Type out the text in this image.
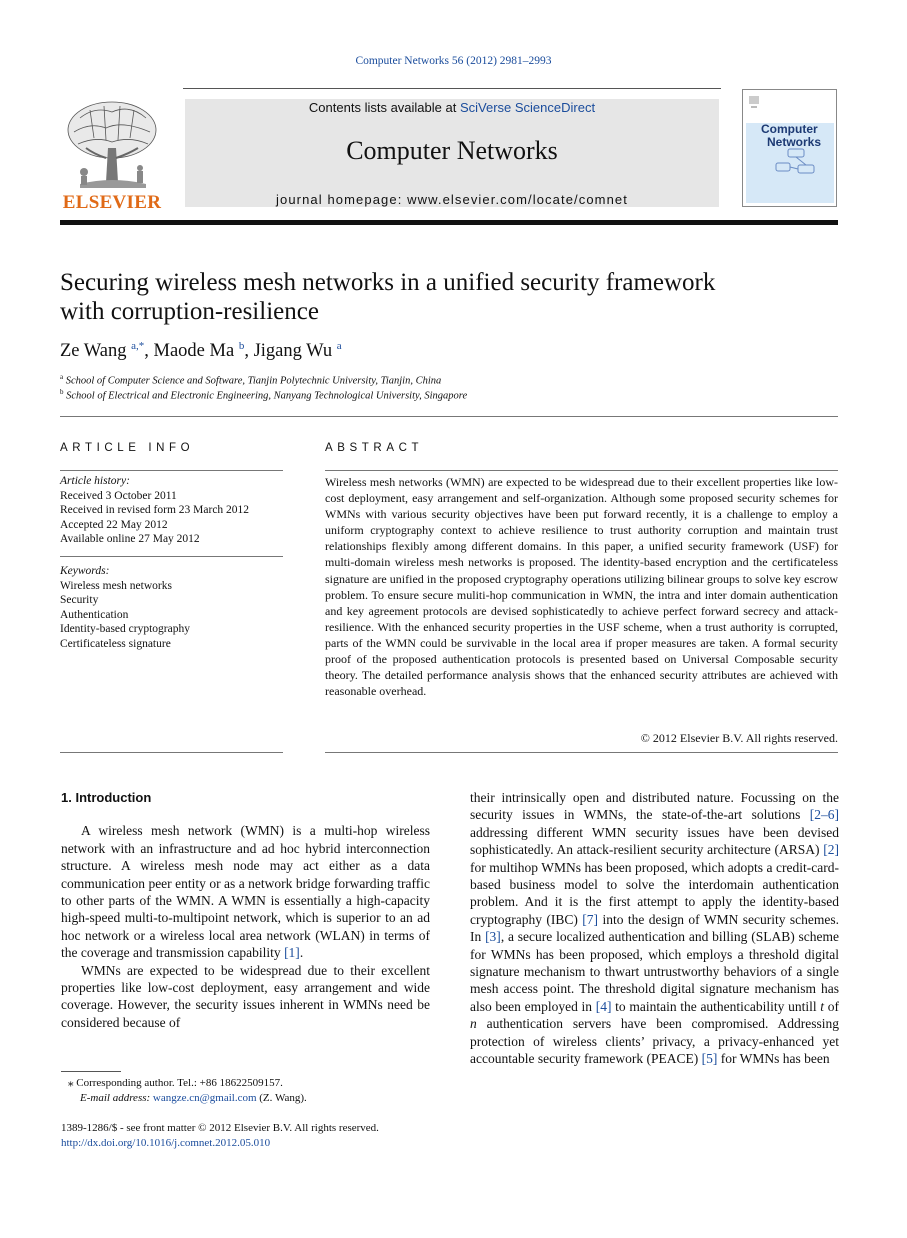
Computer Networks 56 (2012) 2981–2993
Contents lists available at SciVerse ScienceDirect
Computer Networks
journal homepage: www.elsevier.com/locate/comnet
ELSEVIER
Computer
Networks
Securing wireless mesh networks in a unified security framework
with corruption-resilience
Ze Wang $^{a,*}$, Maode Ma $^b$, Jigang Wu $^a$
$^a$ School of Computer Science and Software, Tianjin Polytechnic University, Tianjin, China
$^b$ School of Electrical and Electronic Engineering, Nanyang Technological University, Singapore
ARTICLE INFO
Article history:
Received 3 October 2011
Received in revised form 23 March 2012
Accepted 22 May 2012
Available online 27 May 2012
Keywords:
Wireless mesh networks
Security
Authentication
Identity-based cryptography
Certificateless signature
ABSTRACT
Wireless mesh networks (WMN) are expected to be widespread due to their excellent properties like low-cost deployment, easy arrangement and self-organization. Although some proposed security schemes for WMNs with various security objectives have been put forward recently, it is a challenge to employ a uniform cryptography context to achieve resilience to trust authority corruption and maintain trust relationships flexibly among different domains. In this paper, a unified security framework (USF) for multi-domain wireless mesh networks is proposed. The identity-based encryption and the certificateless signature are unified in the proposed cryptography operations utilizing bilinear groups to solve key escrow problem. To ensure secure muliti-hop communication in WMN, the intra and inter domain authentication and key agreement protocols are devised sophisticatedly to achieve perfect forward secrecy and attack-resilience. With the enhanced security properties in the USF scheme, when a trust authority is corrupted, parts of the WMN could be survivable in the local area if proper measures are taken. A formal security proof of the proposed authentication protocols is presented based on Universal Composable security theory. The detailed performance analysis shows that the enhanced security attributes are achieved with reasonable overhead.
© 2012 Elsevier B.V. All rights reserved.
1. Introduction

A wireless mesh network (WMN) is a multi-hop wireless network with an infrastructure and ad hoc hybrid interconnection structure. A wireless mesh node may act either as a data communication peer entity or as a network bridge forwarding traffic to other parts of the WMN. A WMN is essentially a high-capacity high-speed multi-to-multipoint network, which is superior to an ad hoc network or a wireless local area network (WLAN) in terms of the coverage and transmission capability [1].

WMNs are expected to be widespread due to their excellent properties like low-cost deployment, easy arrangement and wide coverage. However, the security issues inherent in WMNs need be considered because of

their intrinsically open and distributed nature. Focussing on the security issues in WMNs, the state-of-the-art solutions [2–6] addressing different WMN security issues have been devised sophisticatedly. An attack-resilient security architecture (ARSA) [2] for multihop WMNs has been proposed, which adopts a credit-card-based business model to solve the interdomain authentication problem. And it is the first attempt to apply the identity-based cryptography (IBC) [7] into the design of WMN security schemes. In [3], a secure localized authentication and billing (SLAB) scheme for WMNs has been proposed, which employs a threshold digital signature mechanism to thwart untrustworthy behaviors of a single mesh access point. The threshold digital signature mechanism has also been employed in [4] to maintain the authenticability untill t of n authentication servers have been compromised. Addressing protection of wireless clients’ privacy, a privacy-enhanced yet accountable security framework (PEACE) [5] for WMNs has been

⁎ Corresponding author. Tel.: +86 18622509157.
E-mail address: wangze.cn@gmail.com (Z. Wang).
1389-1286/$ - see front matter © 2012 Elsevier B.V. All rights reserved.
http://dx.doi.org/10.1016/j.comnet.2012.05.010
